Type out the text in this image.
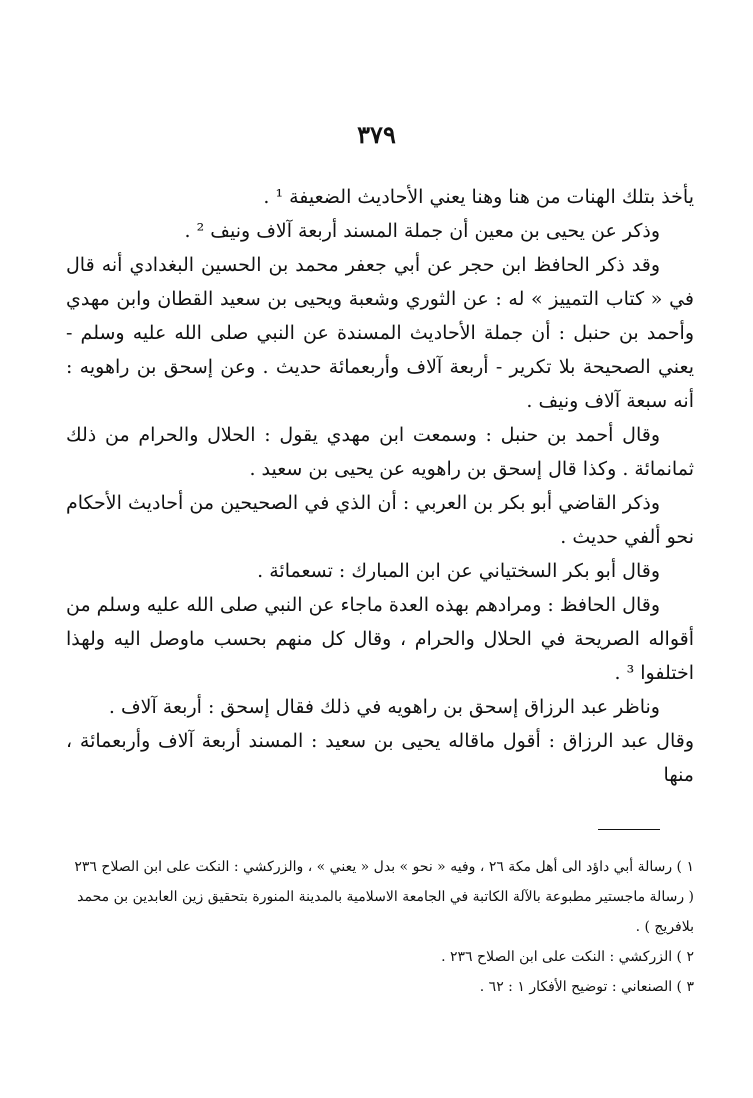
٣٧٩

يأخذ بتلك الهنات من هنا وهنا يعني الأحاديث الضعيفة ¹ .

وذكر عن يحيى بن معين أن جملة المسند أربعة آلاف ونيف ² .

وقد ذكر الحافظ ابن حجر عن أبي جعفر محمد بن الحسين البغدادي أنه قال في « كتاب التمييز » له : عن الثوري وشعبة ويحيى بن سعيد القطان وابن مهدي وأحمد بن حنبل : أن جملة الأحاديث المسندة عن النبي صلى الله عليه وسلم - يعني الصحيحة بلا تكرير - أربعة آلاف وأربعمائة حديث . وعن إسحق بن راهويه : أنه سبعة آلاف ونيف .

وقال أحمد بن حنبل : وسمعت ابن مهدي يقول : الحلال والحرام من ذلك ثمانمائة . وكذا قال إسحق بن راهويه عن يحيى بن سعيد .

وذكر القاضي أبو بكر بن العربي : أن الذي في الصحيحين من أحاديث الأحكام نحو ألفي حديث .

وقال أبو بكر السختياني عن ابن المبارك : تسعمائة .

وقال الحافظ : ومرادهم بهذه العدة ماجاء عن النبي صلى الله عليه وسلم من أقواله الصريحة في الحلال والحرام ، وقال كل منهم بحسب ماوصل اليه ولهذا اختلفوا ³ .

وناظر عبد الرزاق إسحق بن راهويه في ذلك فقال إسحق : أربعة آلاف .

وقال عبد الرزاق : أقول ماقاله يحيى بن سعيد : المسند أربعة آلاف وأربعمائة ، منها

١ ) رسالة أبي داؤد الى أهل مكة ٢٦ ، وفيه « نحو » بدل « يعني » ، والزركشي : النكت على ابن الصلاح ٢٣٦ ( رسالة ماجستير مطبوعة بالآلة الكاتبة في الجامعة الاسلامية بالمدينة المنورة بتحقيق زين العابدين بن محمد بلافريج ) .

٢ ) الزركشي : النكت على ابن الصلاح ٢٣٦ .

٣ ) الصنعاني : توضيح الأفكار ١ : ٦٢ .
